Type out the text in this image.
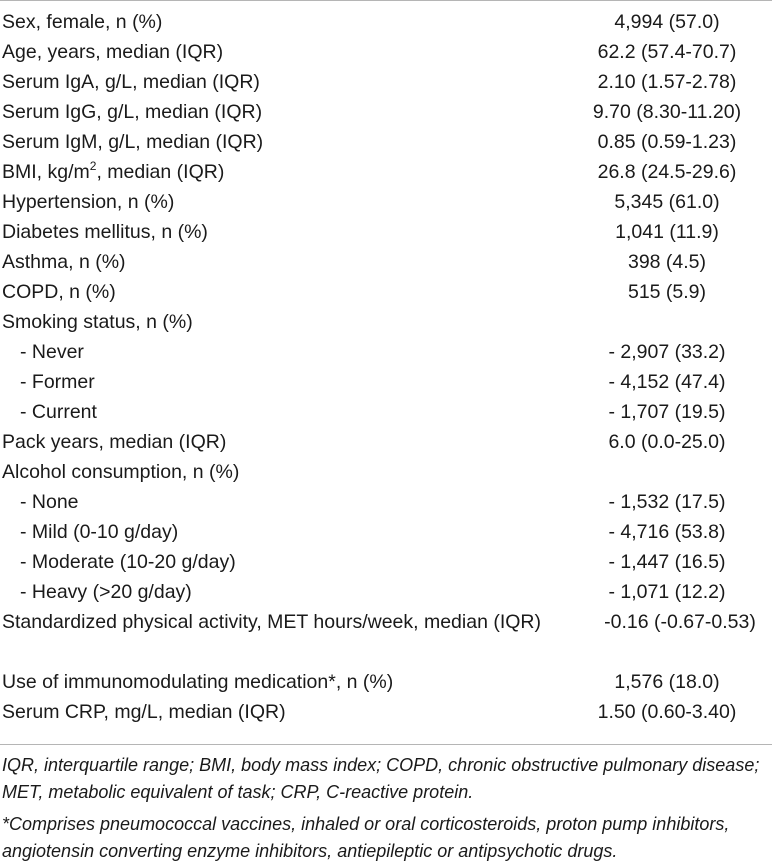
Sex, female, n (%)	4,994 (57.0)
Age, years, median (IQR)	62.2 (57.4-70.7)
Serum IgA, g/L, median (IQR)	2.10 (1.57-2.78)
Serum IgG, g/L, median (IQR)	9.70 (8.30-11.20)
Serum IgM, g/L, median (IQR)	0.85 (0.59-1.23)
BMI, $kg/m^2$, median (IQR)	26.8 (24.5-29.6)
Hypertension, n (%)	5,345 (61.0)
Diabetes mellitus, n (%)	1,041 (11.9)
Asthma, n (%)	398 (4.5)
COPD, n (%)	515 (5.9)
Smoking status, n (%)	
- Never	- 2,907 (33.2)
- Former	- 4,152 (47.4)
- Current	- 1,707 (19.5)
Pack years, median (IQR)	6.0 (0.0-25.0)
Alcohol consumption, n (%)	
- None	- 1,532 (17.5)
- Mild (0-10 g/day)	- 4,716 (53.8)
- Moderate (10-20 g/day)	- 1,447 (16.5)
- Heavy (>20 g/day)	- 1,071 (12.2)
Standardized physical activity, MET hours/week, median (IQR)	-0.16 (-0.67-0.53)
Use of immunomodulating medication*, n (%)	1,576 (18.0)
Serum CRP, mg/L, median (IQR)	1.50 (0.60-3.40)

IQR, interquartile range; BMI, body mass index; COPD, chronic obstructive pulmonary disease; MET, metabolic equivalent of task; CRP, C-reactive protein.

*Comprises pneumococcal vaccines, inhaled or oral corticosteroids, proton pump inhibitors, angiotensin converting enzyme inhibitors, antiepileptic or antipsychotic drugs.
